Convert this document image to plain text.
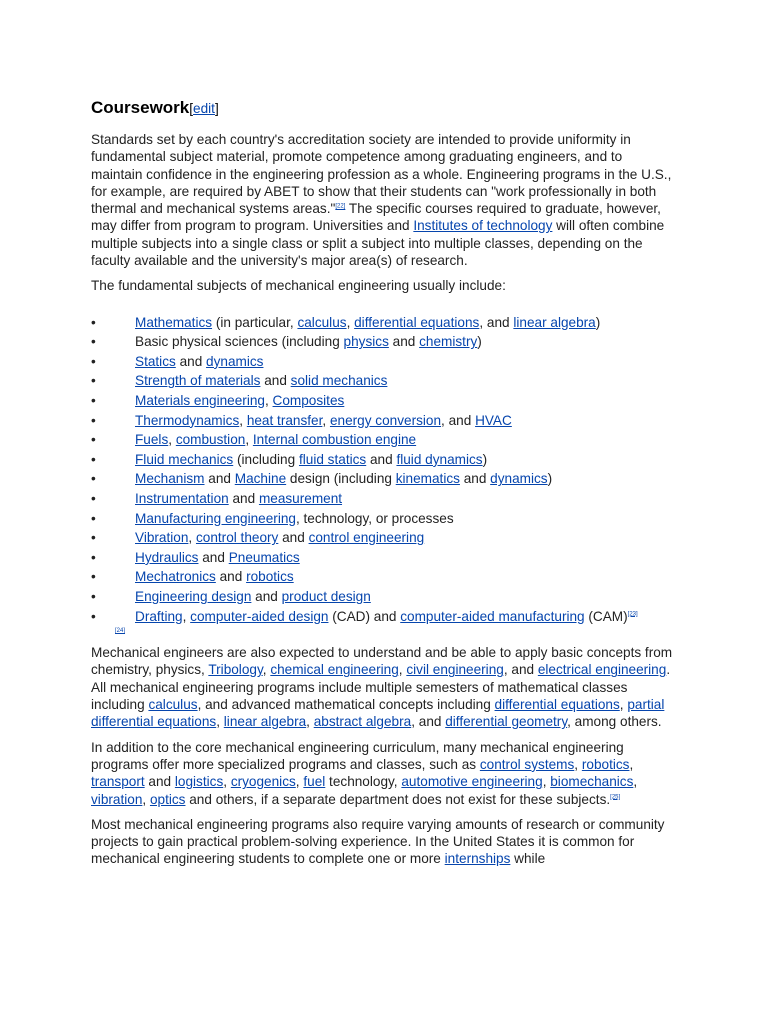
Coursework[edit]

Standards set by each country's accreditation society are intended to provide uniformity in fundamental subject material, promote competence among graduating engineers, and to maintain confidence in the engineering profession as a whole. Engineering programs in the U.S., for example, are required by ABET to show that their students can "work professionally in both thermal and mechanical systems areas."[22] The specific courses required to graduate, however, may differ from program to program. Universities and Institutes of technology will often combine multiple subjects into a single class or split a subject into multiple classes, depending on the faculty available and the university's major area(s) of research.

The fundamental subjects of mechanical engineering usually include:

•	Mathematics (in particular, calculus, differential equations, and linear algebra)
•	Basic physical sciences (including physics and chemistry)
•	Statics and dynamics
•	Strength of materials and solid mechanics
•	Materials engineering, Composites
•	Thermodynamics, heat transfer, energy conversion, and HVAC
•	Fuels, combustion, Internal combustion engine
•	Fluid mechanics (including fluid statics and fluid dynamics)
•	Mechanism and Machine design (including kinematics and dynamics)
•	Instrumentation and measurement
•	Manufacturing engineering, technology, or processes
•	Vibration, control theory and control engineering
•	Hydraulics and Pneumatics
•	Mechatronics and robotics
•	Engineering design and product design
•	Drafting, computer-aided design (CAD) and computer-aided manufacturing (CAM)[23]
[24]

Mechanical engineers are also expected to understand and be able to apply basic concepts from chemistry, physics, Tribology, chemical engineering, civil engineering, and electrical engineering. All mechanical engineering programs include multiple semesters of mathematical classes including calculus, and advanced mathematical concepts including differential equations, partial differential equations, linear algebra, abstract algebra, and differential geometry, among others.

In addition to the core mechanical engineering curriculum, many mechanical engineering programs offer more specialized programs and classes, such as control systems, robotics, transport and logistics, cryogenics, fuel technology, automotive engineering, biomechanics, vibration, optics and others, if a separate department does not exist for these subjects.[25]

Most mechanical engineering programs also require varying amounts of research or community projects to gain practical problem-solving experience. In the United States it is common for mechanical engineering students to complete one or more internships while
